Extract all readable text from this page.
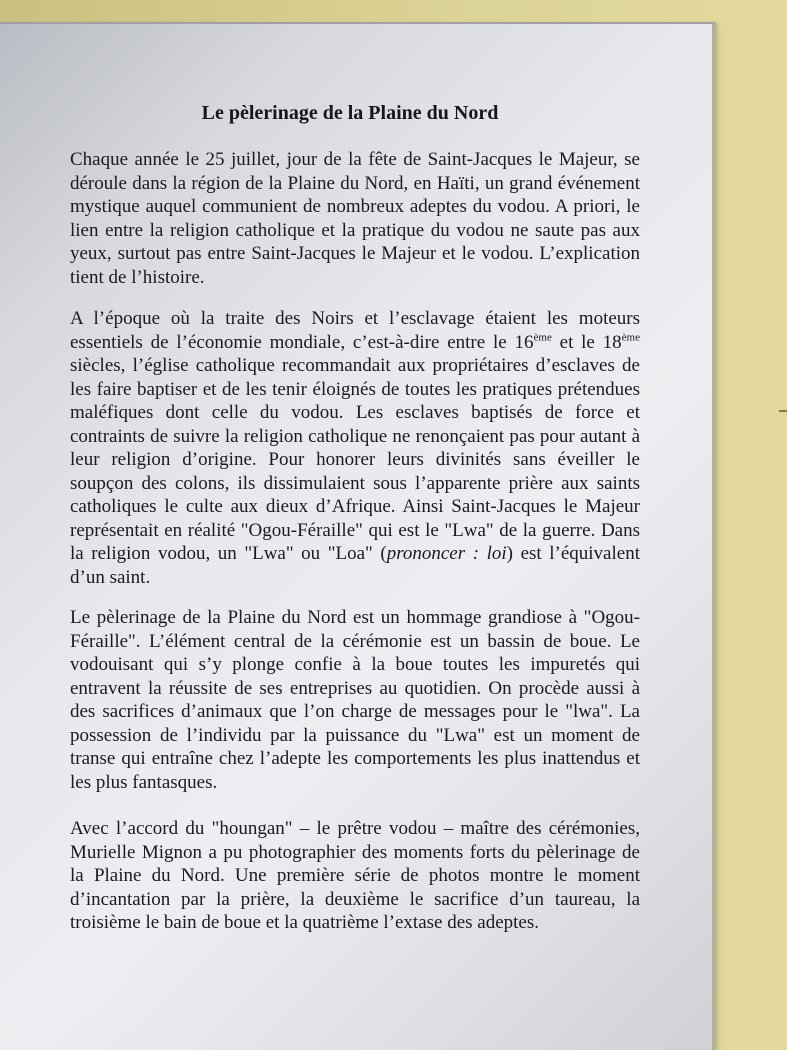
Le pèlerinage de la Plaine du Nord

Chaque année le 25 juillet, jour de la fête de Saint-Jacques le Majeur, se déroule dans la région de la Plaine du Nord, en Haïti, un grand événement mystique auquel communient de nombreux adeptes du vodou. A priori, le lien entre la religion catholique et la pratique du vodou ne saute pas aux yeux, surtout pas entre Saint-Jacques le Majeur et le vodou. L’explication tient de l’histoire.

A l’époque où la traite des Noirs et l’esclavage étaient les moteurs essentiels de l’économie mondiale, c’est-à-dire entre le 16ème et le 18ème siècles, l’église catholique recommandait aux propriétaires d’esclaves de les faire baptiser et de les tenir éloignés de toutes les pratiques prétendues maléfiques dont celle du vodou. Les esclaves baptisés de force et contraints de suivre la religion catholique ne renonçaient pas pour autant à leur religion d’origine. Pour honorer leurs divinités sans éveiller le soupçon des colons, ils dissimulaient sous l’apparente prière aux saints catholiques le culte aux dieux d’Afrique. Ainsi Saint-Jacques le Majeur représentait en réalité "Ogou-Féraille" qui est le "Lwa" de la guerre. Dans la religion vodou, un "Lwa" ou "Loa" (prononcer : loi) est l’équivalent d’un saint.

Le pèlerinage de la Plaine du Nord est un hommage grandiose à "Ogou-Féraille". L’élément central de la cérémonie est un bassin de boue. Le vodouisant qui s’y plonge confie à la boue toutes les impuretés qui entravent la réussite de ses entreprises au quotidien. On procède aussi à des sacrifices d’animaux que l’on charge de messages pour le "lwa". La possession de l’individu par la puissance du "Lwa" est un moment de transe qui entraîne chez l’adepte les comportements les plus inattendus et les plus fantasques.

Avec l’accord du "houngan" – le prêtre vodou – maître des cérémonies, Murielle Mignon a pu photographier des moments forts du pèlerinage de la Plaine du Nord. Une première série de photos montre le moment d’incantation par la prière, la deuxième le sacrifice d’un taureau, la troisième le bain de boue et la quatrième l’extase des adeptes.
